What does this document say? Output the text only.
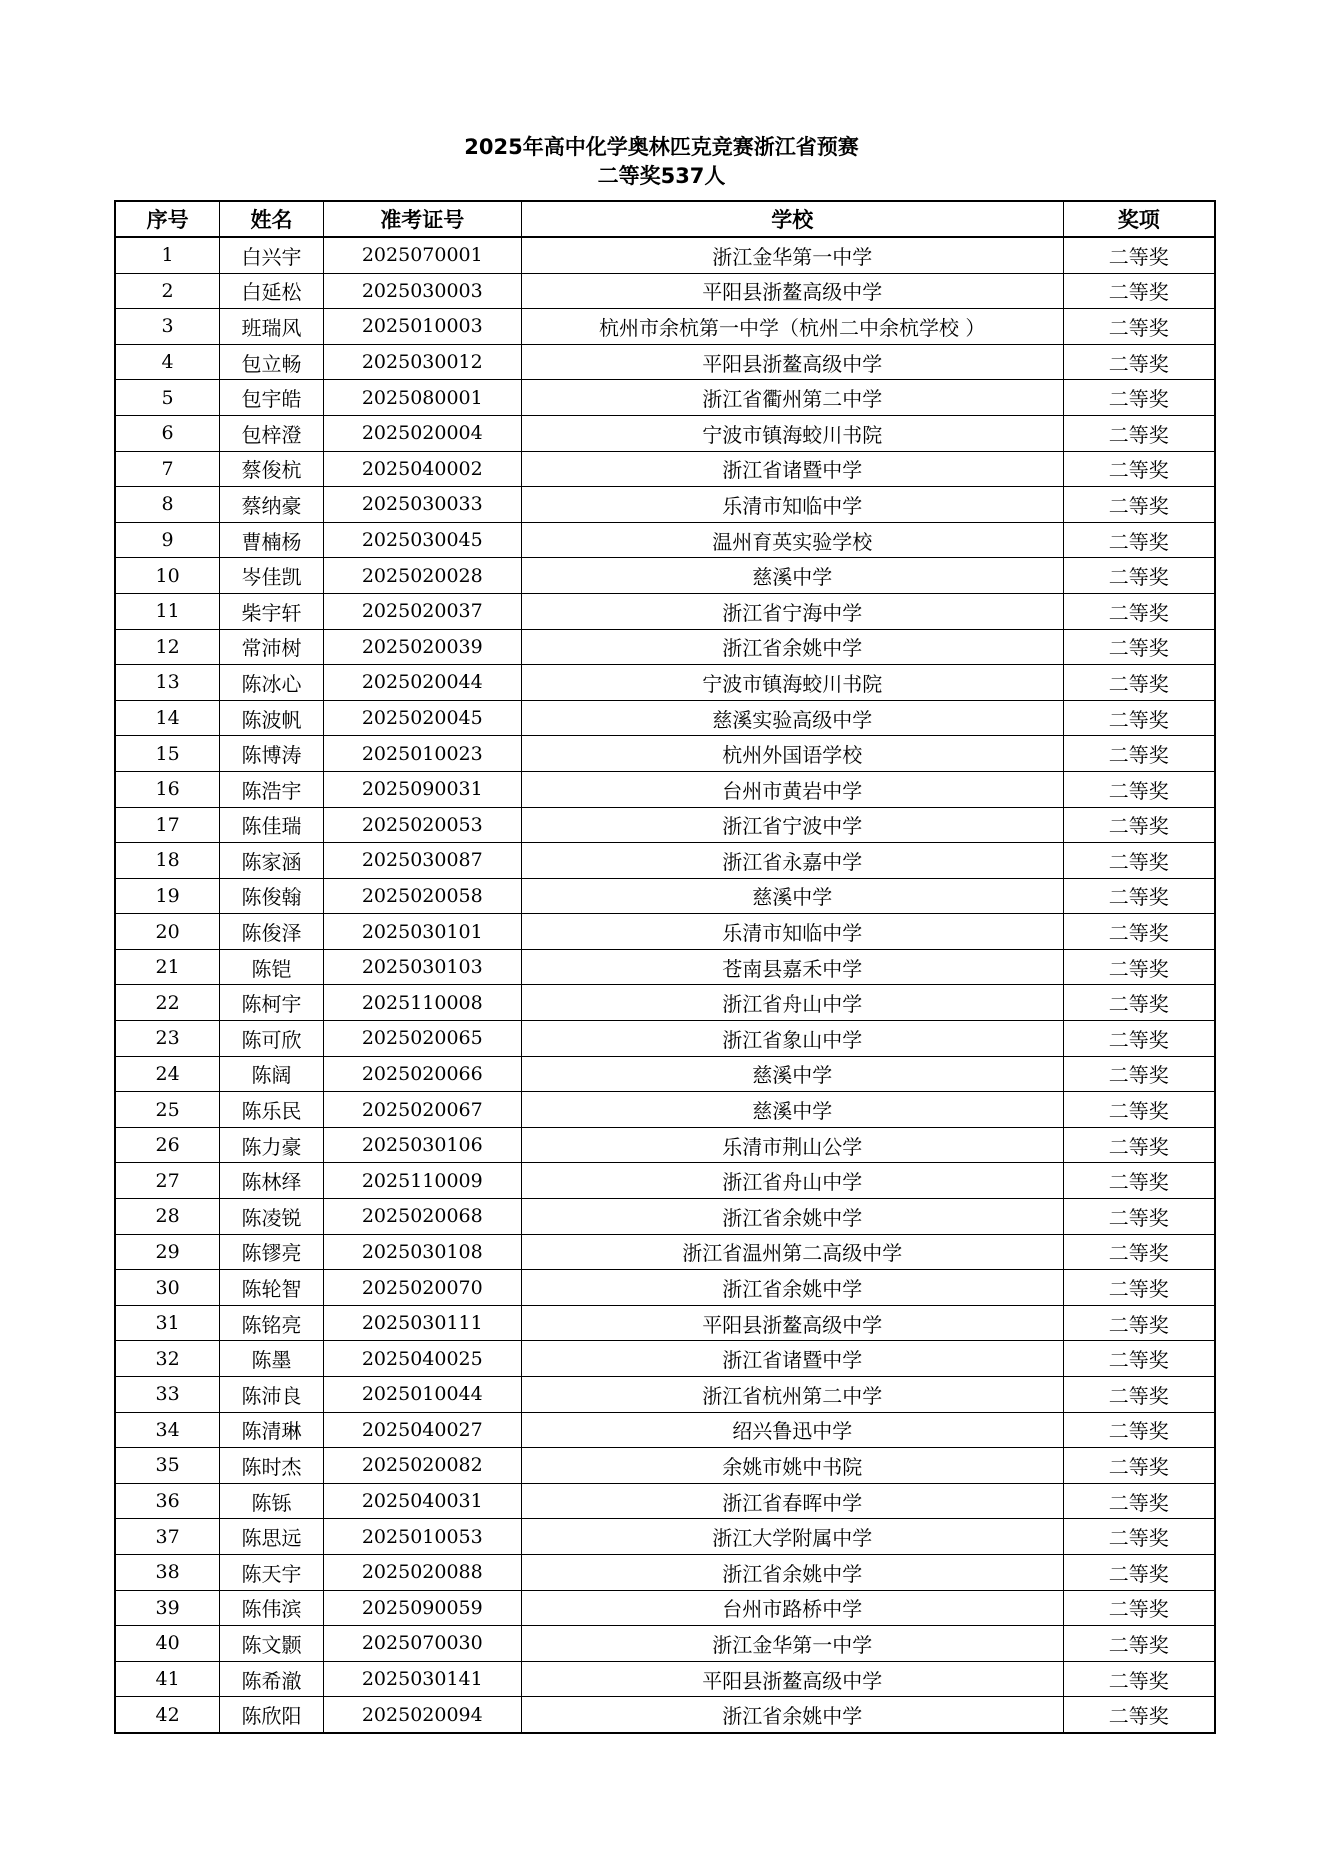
2025年高中化学奥林匹克竞赛浙江省预赛
二等奖537人
序号	姓名	准考证号	学校	奖项
1	白兴宇	2025070001	浙江金华第一中学	二等奖
2	白延松	2025030003	平阳县浙鳌高级中学	二等奖
3	班瑞风	2025010003	杭州市余杭第一中学（杭州二中余杭学校 ）	二等奖
4	包立畅	2025030012	平阳县浙鳌高级中学	二等奖
5	包宇皓	2025080001	浙江省衢州第二中学	二等奖
6	包梓澄	2025020004	宁波市镇海蛟川书院	二等奖
7	蔡俊杭	2025040002	浙江省诸暨中学	二等奖
8	蔡纳豪	2025030033	乐清市知临中学	二等奖
9	曹楠杨	2025030045	温州育英实验学校	二等奖
10	岑佳凯	2025020028	慈溪中学	二等奖
11	柴宇轩	2025020037	浙江省宁海中学	二等奖
12	常沛树	2025020039	浙江省余姚中学	二等奖
13	陈冰心	2025020044	宁波市镇海蛟川书院	二等奖
14	陈波帆	2025020045	慈溪实验高级中学	二等奖
15	陈博涛	2025010023	杭州外国语学校	二等奖
16	陈浩宇	2025090031	台州市黄岩中学	二等奖
17	陈佳瑞	2025020053	浙江省宁波中学	二等奖
18	陈家涵	2025030087	浙江省永嘉中学	二等奖
19	陈俊翰	2025020058	慈溪中学	二等奖
20	陈俊泽	2025030101	乐清市知临中学	二等奖
21	陈铠	2025030103	苍南县嘉禾中学	二等奖
22	陈柯宇	2025110008	浙江省舟山中学	二等奖
23	陈可欣	2025020065	浙江省象山中学	二等奖
24	陈阔	2025020066	慈溪中学	二等奖
25	陈乐民	2025020067	慈溪中学	二等奖
26	陈力豪	2025030106	乐清市荆山公学	二等奖
27	陈林绎	2025110009	浙江省舟山中学	二等奖
28	陈凌锐	2025020068	浙江省余姚中学	二等奖
29	陈镠亮	2025030108	浙江省温州第二高级中学	二等奖
30	陈轮智	2025020070	浙江省余姚中学	二等奖
31	陈铭亮	2025030111	平阳县浙鳌高级中学	二等奖
32	陈墨	2025040025	浙江省诸暨中学	二等奖
33	陈沛良	2025010044	浙江省杭州第二中学	二等奖
34	陈清琳	2025040027	绍兴鲁迅中学	二等奖
35	陈时杰	2025020082	余姚市姚中书院	二等奖
36	陈铄	2025040031	浙江省春晖中学	二等奖
37	陈思远	2025010053	浙江大学附属中学	二等奖
38	陈天宇	2025020088	浙江省余姚中学	二等奖
39	陈伟滨	2025090059	台州市路桥中学	二等奖
40	陈文颢	2025070030	浙江金华第一中学	二等奖
41	陈希澈	2025030141	平阳县浙鳌高级中学	二等奖
42	陈欣阳	2025020094	浙江省余姚中学	二等奖
